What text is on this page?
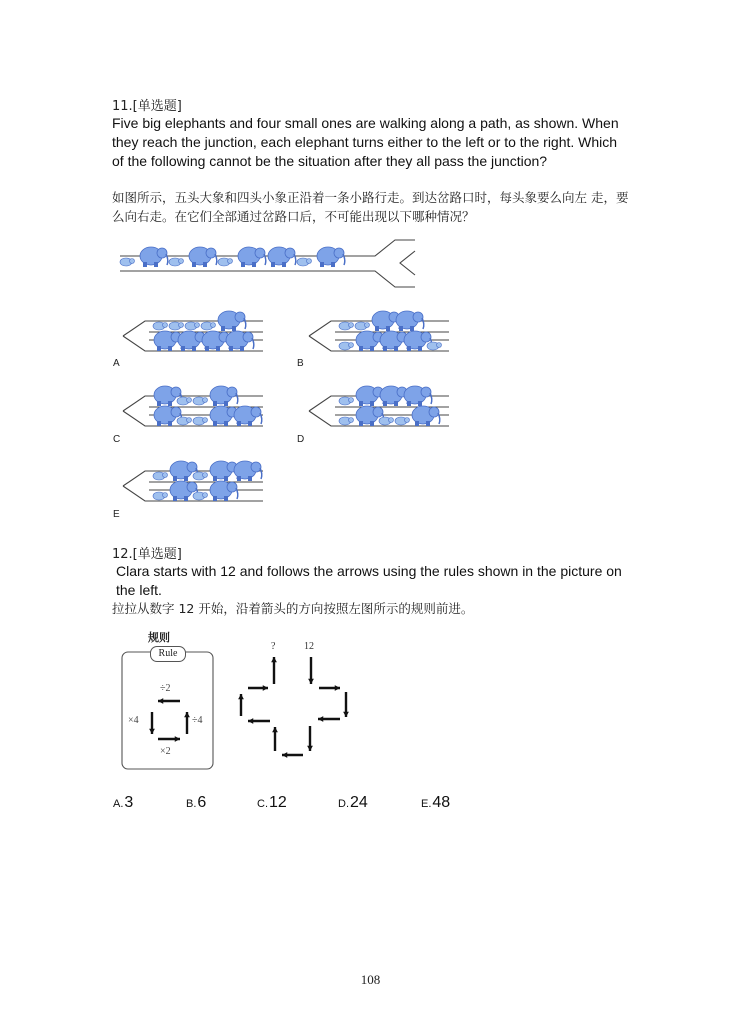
11.[单选题]
Five big elephants and four small ones are walking along a path, as shown. When they reach the junction, each elephant turns either to the left or to the right. Which of the following cannot be the situation after they all pass the junction?
如图所示，五头大象和四头小象正沿着一条小路行走。到达岔路口时，每头象要么向左 走，要么向右走。在它们全部通过岔路口后，不可能出现以下哪种情况？
A	B
C	D
E
12.[单选题]
Clara starts with 12 and follows the arrows using the rules shown in the picture on the left.
拉拉从数字 12 开始，沿着箭头的方向按照左图所示的规则前进。
规则
Rule
÷2
×4	÷4
×2
?	12
A.3	B.6	C.12	D.24	E.48
108
